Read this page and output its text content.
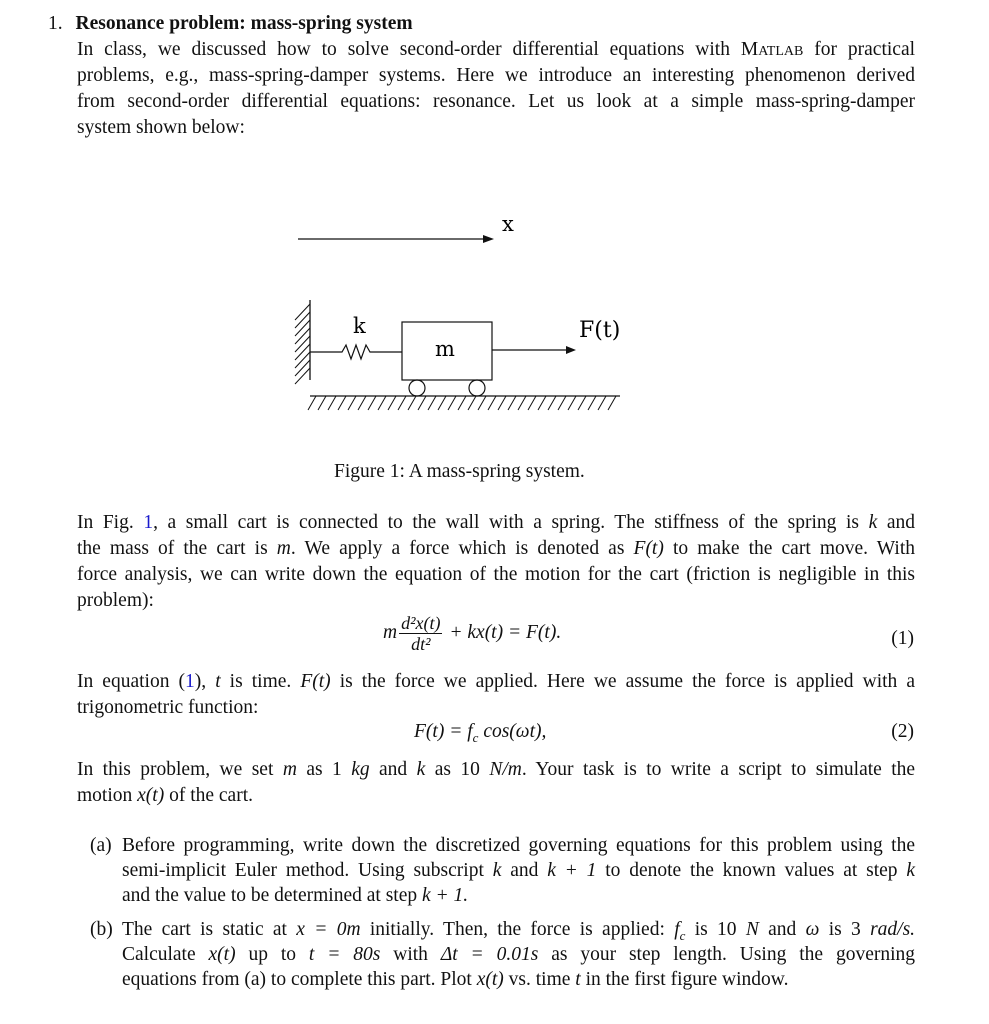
1. Resonance problem: mass-spring system
In class, we discussed how to solve second-order differential equations with Matlab for practical
problems, e.g., mass-spring-damper systems. Here we introduce an interesting phenomenon derived
from second-order differential equations: resonance. Let us look at a simple mass-spring-damper
system shown below:
x
k
m
F(t)
Figure 1: A mass-spring system.
In Fig. 1, a small cart is connected to the wall with a spring. The stiffness of the spring is k and
the mass of the cart is m. We apply a force which is denoted as F(t) to make the cart move. With
force analysis, we can write down the equation of the motion for the cart (friction is negligible in this
problem):
m $\frac{\text{d²x(t)}}{\text{dt²}} + kx(t) = F(t)$.	(1)
In equation (1), t is time. F(t) is the force we applied. Here we assume the force is applied with a
trigonometric function:
$F(t) = f_c$ cos(ωt),	(2)
In this problem, we set m as 1 kg and k as 10 N/m. Your task is to write a script to simulate the
motion x(t) of the cart.
(a) Before programming, write down the discretized governing equations for this problem using the
semi-implicit Euler method. Using subscript k and k + 1 to denote the known values at step k
and the value to be determined at step k + 1.
(b) The cart is static at x = 0m initially. Then, the force is applied: $f_c$ is 10 N and ω is 3 rad/s.
Calculate x(t) up to t = 80s with Δt = 0.01s as your step length. Using the governing
equations from (a) to complete this part. Plot x(t) vs. time t in the first figure window.
